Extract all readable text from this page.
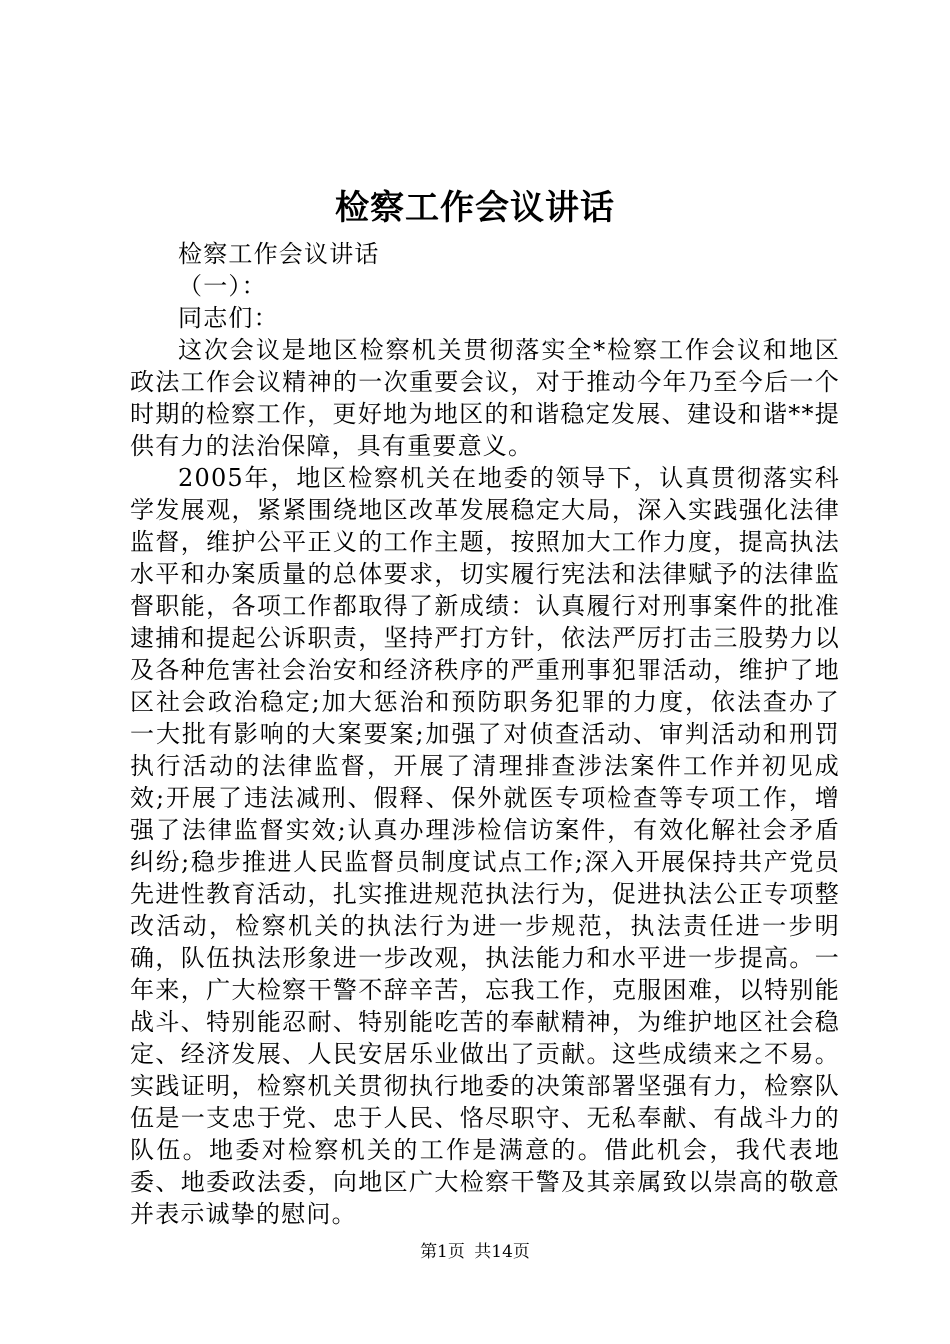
检察工作会议讲话

检察工作会议讲话

（一）：

同志们：

这次会议是地区检察机关贯彻落实全*检察工作会议和地区政法工作会议精神的一次重要会议，对于推动今年乃至今后一个时期的检察工作，更好地为地区的和谐稳定发展、建设和谐**提供有力的法治保障，具有重要意义。

2005年，地区检察机关在地委的领导下，认真贯彻落实科学发展观，紧紧围绕地区改革发展稳定大局，深入实践强化法律监督，维护公平正义的工作主题，按照加大工作力度，提高执法水平和办案质量的总体要求，切实履行宪法和法律赋予的法律监督职能，各项工作都取得了新成绩：认真履行对刑事案件的批准逮捕和提起公诉职责，坚持严打方针，依法严厉打击三股势力以及各种危害社会治安和经济秩序的严重刑事犯罪活动，维护了地区社会政治稳定;加大惩治和预防职务犯罪的力度，依法查办了一大批有影响的大案要案;加强了对侦查活动、审判活动和刑罚执行活动的法律监督，开展了清理排查涉法案件工作并初见成效;开展了违法减刑、假释、保外就医专项检查等专项工作，增强了法律监督实效;认真办理涉检信访案件，有效化解社会矛盾纠纷;稳步推进人民监督员制度试点工作;深入开展保持共产党员先进性教育活动，扎实推进规范执法行为，促进执法公正专项整改活动，检察机关的执法行为进一步规范，执法责任进一步明确，队伍执法形象进一步改观，执法能力和水平进一步提高。一年来，广大检察干警不辞辛苦，忘我工作，克服困难，以特别能战斗、特别能忍耐、特别能吃苦的奉献精神，为维护地区社会稳定、经济发展、人民安居乐业做出了贡献。这些成绩来之不易。实践证明，检察机关贯彻执行地委的决策部署坚强有力，检察队伍是一支忠于党、忠于人民、恪尽职守、无私奉献、有战斗力的队伍。地委对检察机关的工作是满意的。借此机会，我代表地委、地委政法委，向地区广大检察干警及其亲属致以崇高的敬意并表示诚挚的慰问。

第1页 共14页
